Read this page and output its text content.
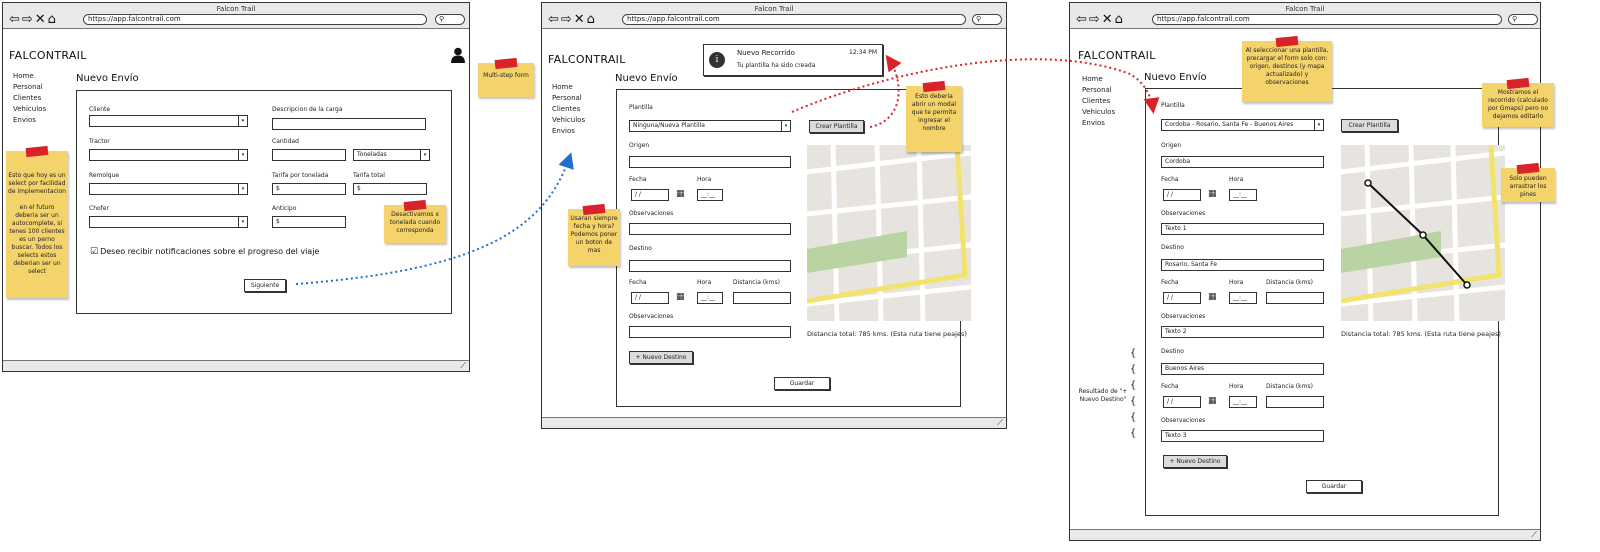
Falcon Trail
⇦⇨✕⌂	https://app.falcontrail.com	⚲
FALCONTRAIL
Home
Personal
Clientes
Vehiculos
Envios
Nuevo Envío
Cliente
▾
Descripcion de la carga
Tractor
▾
Cantidad
Toneladas	▾
Remolque
▾
Tarifa por tonelada
$
Tarifa total
$
Chofer
▾
Anticipo
$
☑ Deseo recibir notificaciones sobre el progreso del viaje
Siguiente
⟋
Falcon Trail
⇦⇨✕⌂	https://app.falcontrail.com	⚲
FALCONTRAIL
Home
Personal
Clientes
Vehiculos
Envios
Nuevo Envío
i
Nuevo Recorrido
Tu plantilla ha sido creada
12:34 PM
Plantilla
Ninguna/Nueva Plantilla	▾	Crear Plantilla
Origen
Fecha
/ /	▦
Hora
__:__
Observaciones
Destino
Fecha
/ /	▦
Hora
__:__
Distancia (kms)
Observaciones
+ Nuevo Destino
Guardar
Distancia total: 785 kms. (Esta ruta tiene peajes)
⟋
Falcon Trail
⇦⇨✕⌂	https://app.falcontrail.com	⚲
FALCONTRAIL
Home
Personal
Clientes
Vehiculos
Envios
Nuevo Envío
Plantilla
Cordoba - Rosario, Santa Fe - Buenos Aires	▾	Crear Plantilla
Origen
Cordoba
Fecha
/ /	▦
Hora
__:__
Observaciones
Texto 1
Destino
Rosario, Santa Fe
Fecha
/ /	▦
Hora
__:__
Distancia (kms)
Observaciones
Texto 2
Destino
Buenos Aires
Fecha
/ /	▦
Hora
__:__
Distancia (kms)
Observaciones
Texto 3
+ Nuevo Destino
Guardar
Distancia total: 785 kms. (Esta ruta tiene peajes)
⟋
{
{
{
{
{
{
Resultado de "+ Nuevo Destino"
Multi-step form

Esto que hoy es un select por facilidad de implementacion

en el futuro deberia ser un autocomplete, si tenes 100 clientes es un perno buscar. Todos los selects estos deberian ser un select

Desactivamos x tonelada cuando corresponda
Usaran siempre fecha y hora? Podemos poner un boton de mas
Esto deberia abrir un modal que te permita ingresar el nombre
Al seleccionar una plantilla, precargar el form solo con: origen, destinos (y mapa actualizado) y observaciones
Mostramos el recorrido (calculado por Gmaps) pero no dejamos editarlo
Solo pueden arrastrar los pines
